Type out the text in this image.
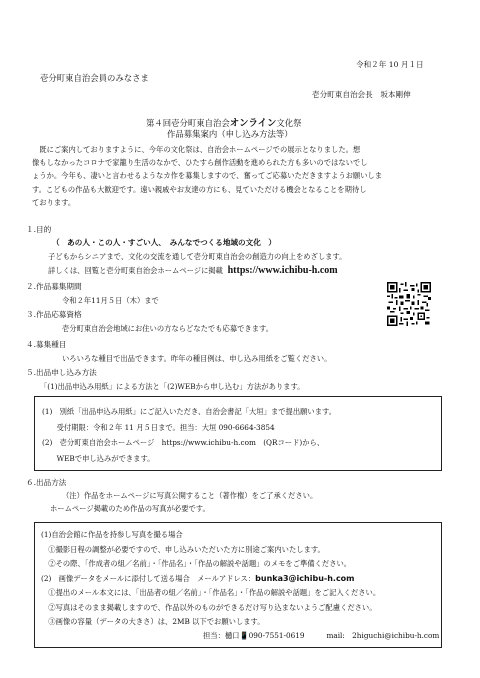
令和２年 10 月１日
壱分町東自治会員のみなさま
壱分町東自治会長　坂本剛伸
第４回壱分町東自治会オンライン文化祭
作品募集案内（申し込み方法等）
　既にご案内しておりますように、今年の文化祭は、自治会ホームページでの展示となりました。想
像もしなかったコロナで家籠り生活のなかで、ひたすら創作活動を進められた方も多いのではないでし
ょうか。今年も、凄いと言わせるようなカ作を募集しますので、奮ってご応募いただきますようお願いしま
す。こどもの作品も大歓迎です。遠い親戚やお友達の方にも、見ていただける機会となることを期待し
ております。
１.目的
（　あの人・この人・すごい人、　みんなでつくる地域の文化　）
子どもからシニアまで、文化の交流を通して壱分町東自治会の創造力の向上をめざします。
詳しくは、回覧と壱分町東自治会ホームページに掲載 https://www.ichibu-h.com
２.作品募集期間
令和２年11月５日（木）まで
３.作品応募資格
壱分町東自治会地域にお住いの方ならどなたでも応募できます。
４.募集種目
いろいろな種目で出品できます。昨年の種目例は、申し込み用紙をご覧ください。
５.出品申し込み方法
「(1)出品申込み用紙」による方法と「(2)WEBから申し込む」方法があります。
(1)　別紙「出品申込み用紙」にご記入いただき、自治会書記「大垣」まで提出願います。
　　受付期限：令和２年 11 月５日まで。担当：大垣 090-6664-3854
(2)　壱分町東自治会ホームページ　https://www.ichibu-h.com　(QRコード)から、
　　WEBで申し込みができます。
６.出品方法
（注）作品をホームページに写真公開すること（著作権）をご了承ください。
ホームページ掲載のため作品の写真が必要です。
(1)自治会館に作品を持参し写真を撮る場合
　①撮影日程の調整が必要ですので、申し込みいただいた方に別途ご案内いたします。
　②その際、「作成者の組／名前」・「作品名」・「作品の解説や話題」のメモをご準備ください。
(2)　画像データをメールに添付して送る場合　メールアドレス：bunka3@ichibu-h.com
　①提出のメール本文には、「出品者の組／名前」・「作品名」・「作品の解説や話題」をご記入ください。
　②写真はそのまま掲載しますので、作品以外のものができるだけ写り込まないようご配慮ください。
　③画像の容量（データの大きさ）は、2MB 以下でお願いします。
担当：樋口📱090-7551-0619　　　mail:　2higuchi@ichibu-h.com
